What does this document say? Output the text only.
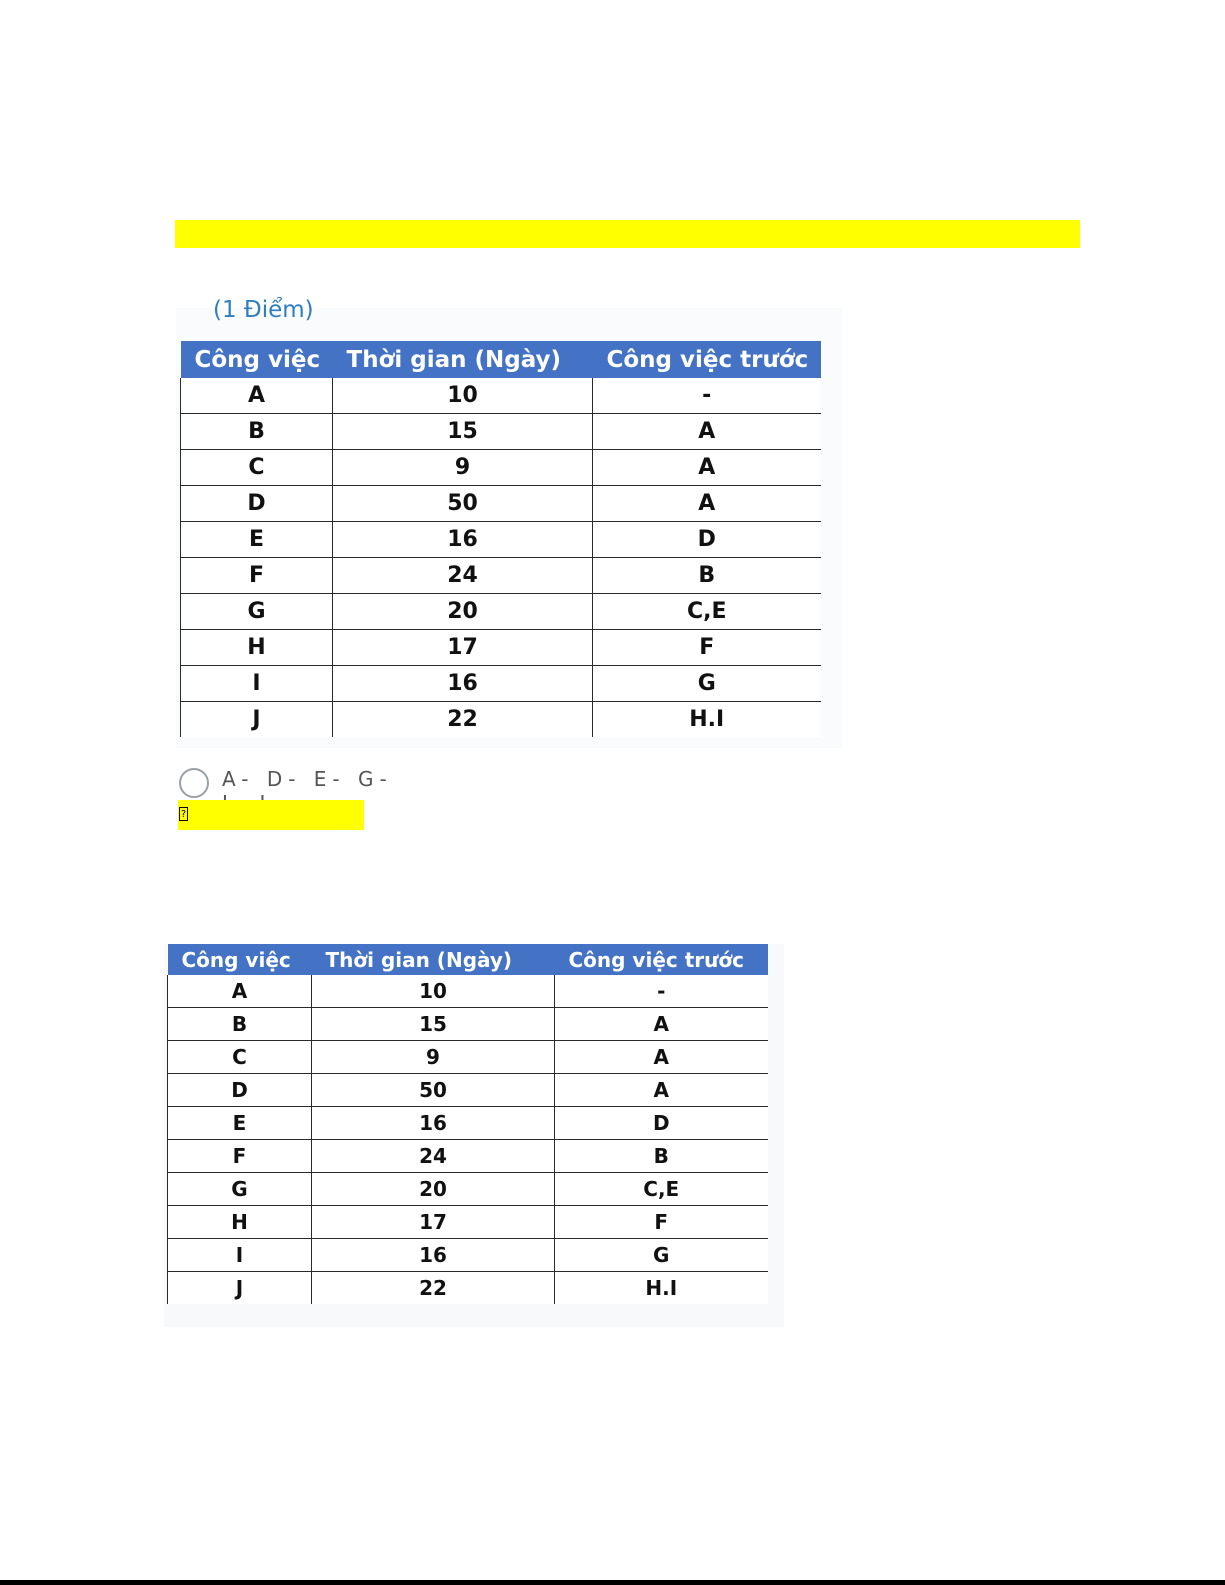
(1 Điểm)
Công việc	Thời gian (Ngày)	Công việc trước
A	10	-
B	15	A
C	9	A
D	50	A
E	16	D
F	24	B
G	20	C,E
H	17	F
I	16	G
J	22	H.I
A- D- E- G-
?
Công việc	Thời gian (Ngày)	Công việc trước
A	10	-
B	15	A
C	9	A
D	50	A
E	16	D
F	24	B
G	20	C,E
H	17	F
I	16	G
J	22	H.I
